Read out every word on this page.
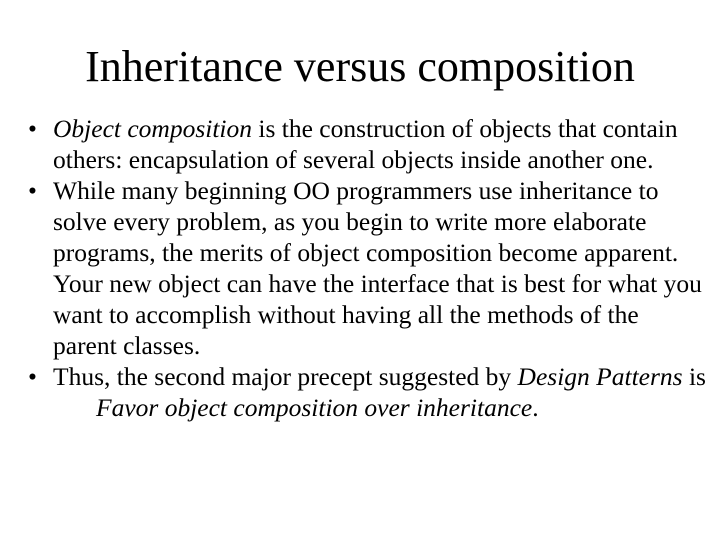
Inheritance versus composition
• Object composition is the construction of objects that contain others: encapsulation of several objects inside another one.
• While many beginning OO programmers use inheritance to solve every problem, as you begin to write more elaborate programs, the merits of object composition become apparent. Your new object can have the interface that is best for what you want to accomplish without having all the methods of the parent classes.
• Thus, the second major precept suggested by Design Patterns is
Favor object composition over inheritance.
